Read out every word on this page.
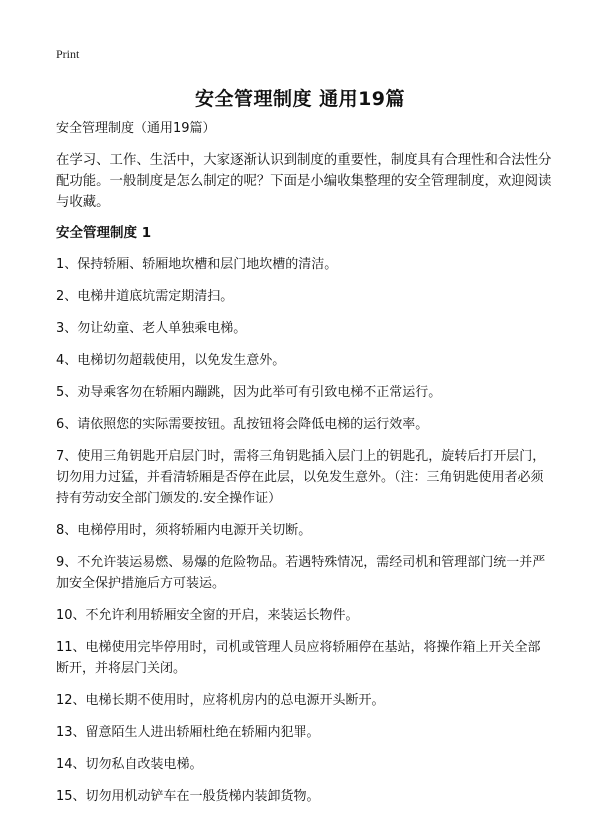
Print
安全管理制度 通用19篇

安全管理制度（通用19篇）

在学习、工作、生活中，大家逐渐认识到制度的重要性，制度具有合理性和合法性分配功能。一般制度是怎么制定的呢？下面是小编收集整理的安全管理制度，欢迎阅读与收藏。

安全管理制度 1
1、保持轿厢、轿厢地坎槽和层门地坎槽的清洁。
2、电梯井道底坑需定期清扫。
3、勿让幼童、老人单独乘电梯。
4、电梯切勿超载使用，以免发生意外。
5、劝导乘客勿在轿厢内蹦跳，因为此举可有引致电梯不正常运行。
6、请依照您的实际需要按钮。乱按钮将会降低电梯的运行效率。
7、使用三角钥匙开启层门时，需将三角钥匙插入层门上的钥匙孔，旋转后打开层门，切勿用力过猛，并看清轿厢是否停在此层，以免发生意外。（注：三角钥匙使用者必须持有劳动安全部门颁发的.安全操作证）
8、电梯停用时，须将轿厢内电源开关切断。
9、不允许装运易燃、易爆的危险物品。若遇特殊情况，需经司机和管理部门统一并严加安全保护措施后方可装运。
10、不允许利用轿厢安全窗的开启，来装运长物件。
11、电梯使用完毕停用时，司机或管理人员应将轿厢停在基站，将操作箱上开关全部断开，并将层门关闭。
12、电梯长期不使用时，应将机房内的总电源开头断开。
13、留意陌生人进出轿厢杜绝在轿厢内犯罪。
14、切勿私自改装电梯。
15、切勿用机动铲车在一般货梯内装卸货物。
